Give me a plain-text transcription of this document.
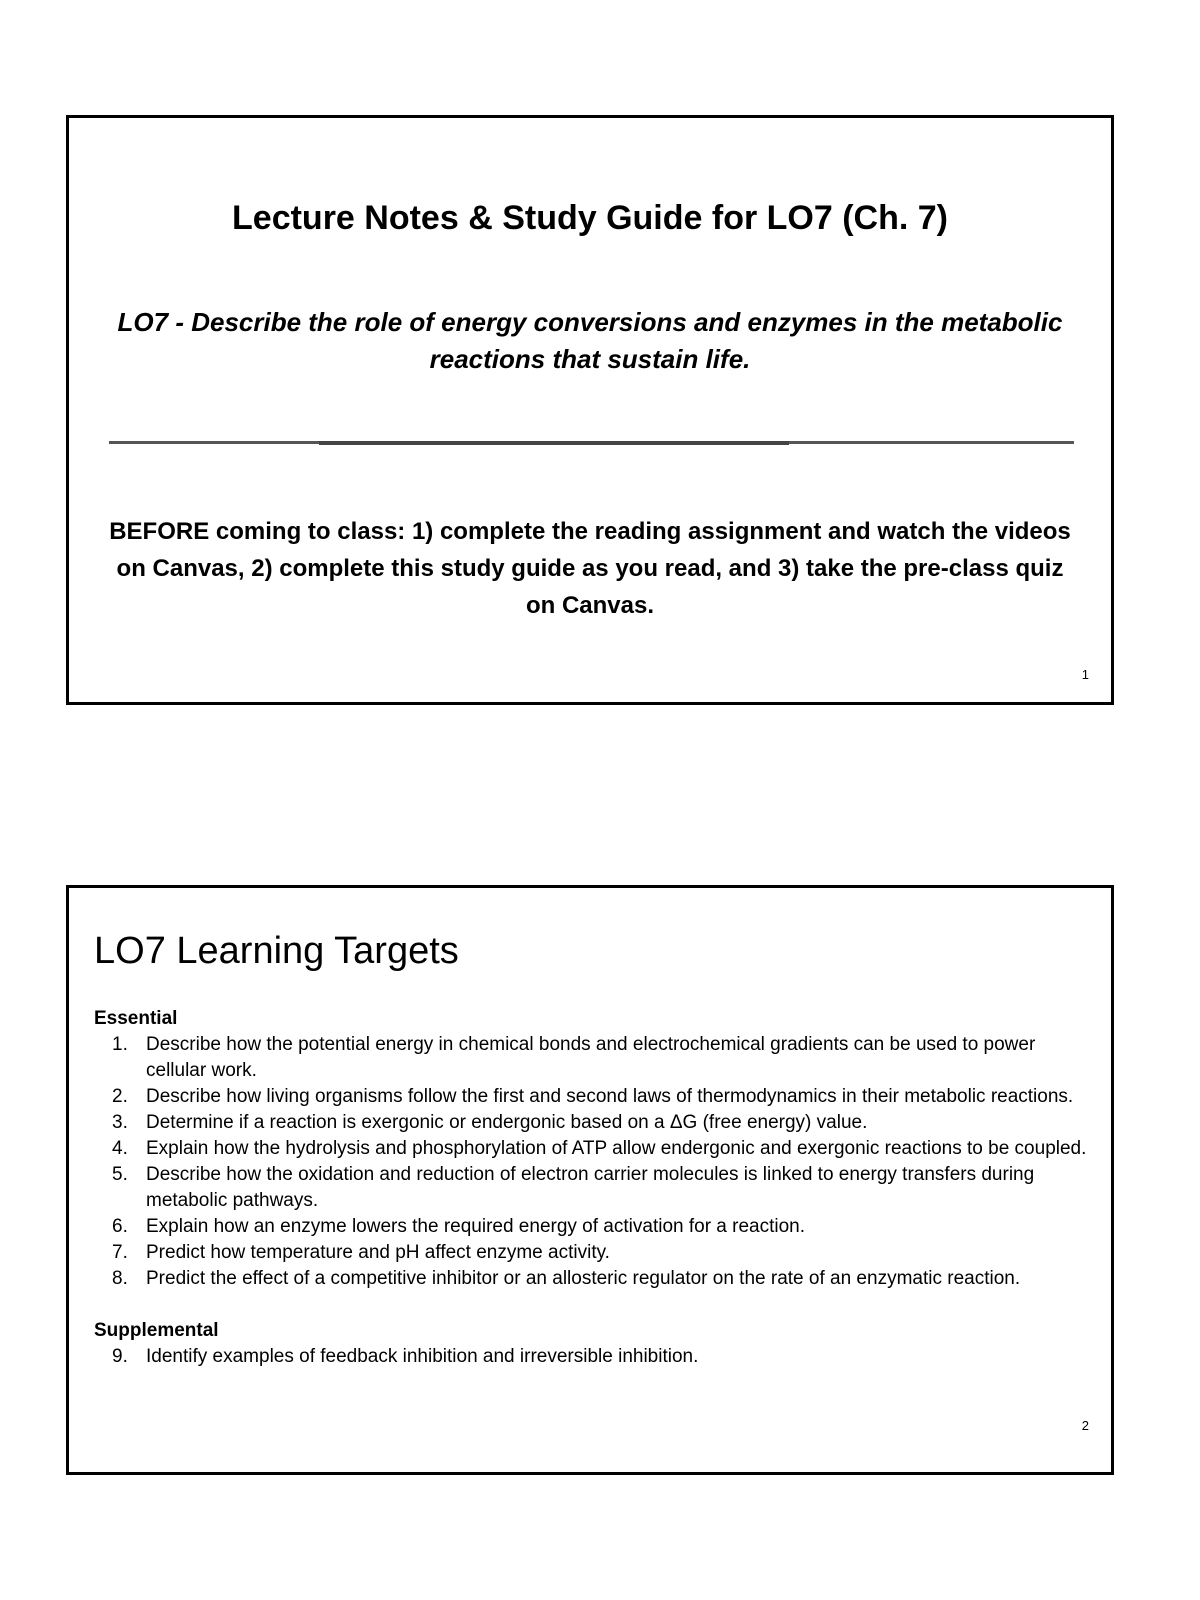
Lecture Notes & Study Guide for LO7 (Ch. 7)
LO7 - Describe the role of energy conversions and enzymes in the metabolic reactions that sustain life.
BEFORE coming to class: 1) complete the reading assignment and watch the videos on Canvas, 2) complete this study guide as you read, and 3) take the pre-class quiz on Canvas.
1
LO7 Learning Targets

Essential

1. Describe how the potential energy in chemical bonds and electrochemical gradients can be used to power cellular work.
2. Describe how living organisms follow the first and second laws of thermodynamics in their metabolic reactions.
3. Determine if a reaction is exergonic or endergonic based on a ΔG (free energy) value.
4. Explain how the hydrolysis and phosphorylation of ATP allow endergonic and exergonic reactions to be coupled.
5. Describe how the oxidation and reduction of electron carrier molecules is linked to energy transfers during metabolic pathways.
6. Explain how an enzyme lowers the required energy of activation for a reaction.
7. Predict how temperature and pH affect enzyme activity.
8. Predict the effect of a competitive inhibitor or an allosteric regulator on the rate of an enzymatic reaction.

Supplemental

9. Identify examples of feedback inhibition and irreversible inhibition.
2
